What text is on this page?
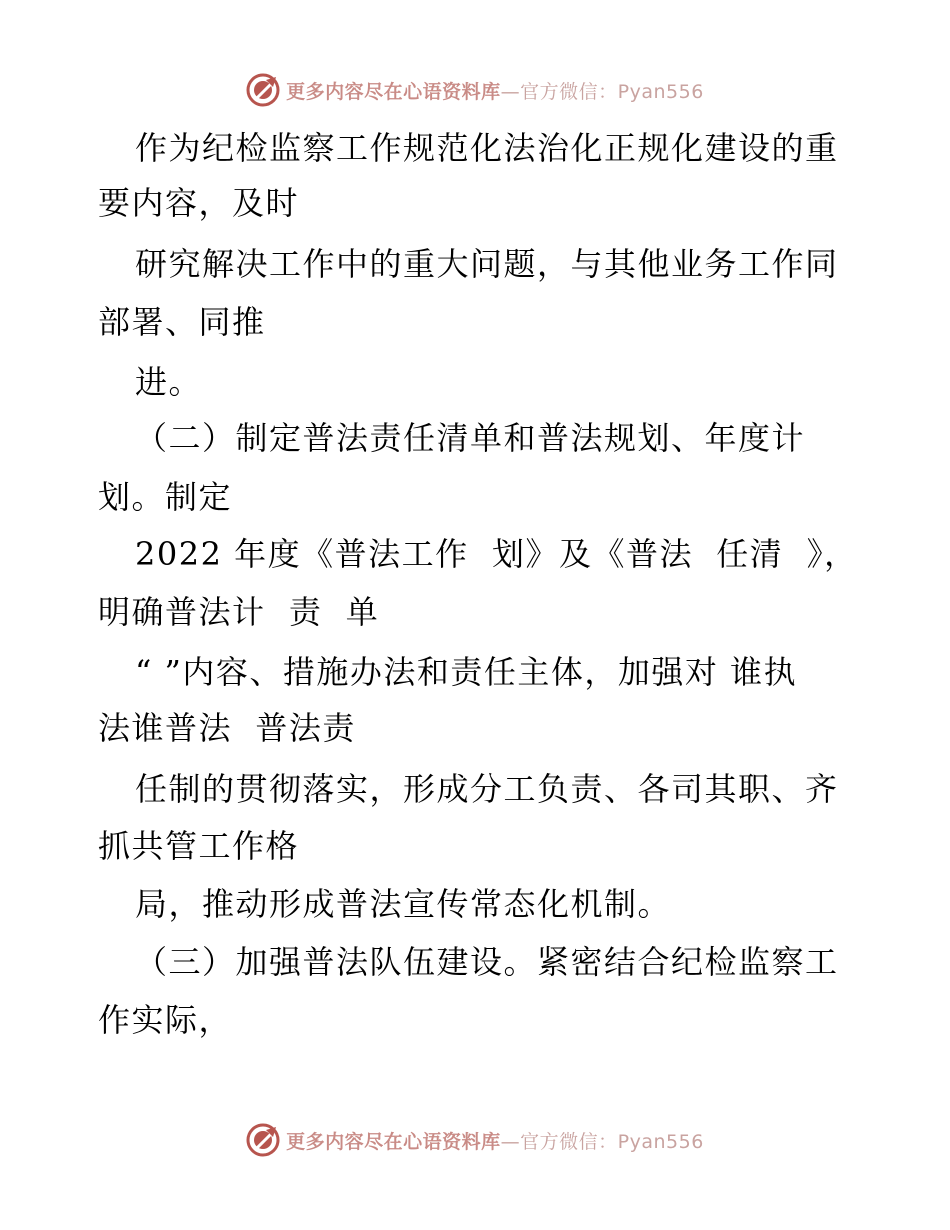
更多内容尽在心语资料库—官方微信：Pyan556
作为纪检监察工作规范化法治化正规化建设的重
要内容，及时
研究解决工作中的重大问题，与其他业务工作同
部署、同推
进。
（二）制定普法责任清单和普法规划、年度计
划。制定
2022 年度《普法工作  划》及《普法  任清  》，
明确普法计  责  单
“ ”内容、措施办法和责任主体，加强对 谁执
法谁普法  普法责
任制的贯彻落实，形成分工负责、各司其职、齐
抓共管工作格
局，推动形成普法宣传常态化机制。
（三）加强普法队伍建设。紧密结合纪检监察工
作实际，
更多内容尽在心语资料库—官方微信：Pyan556
